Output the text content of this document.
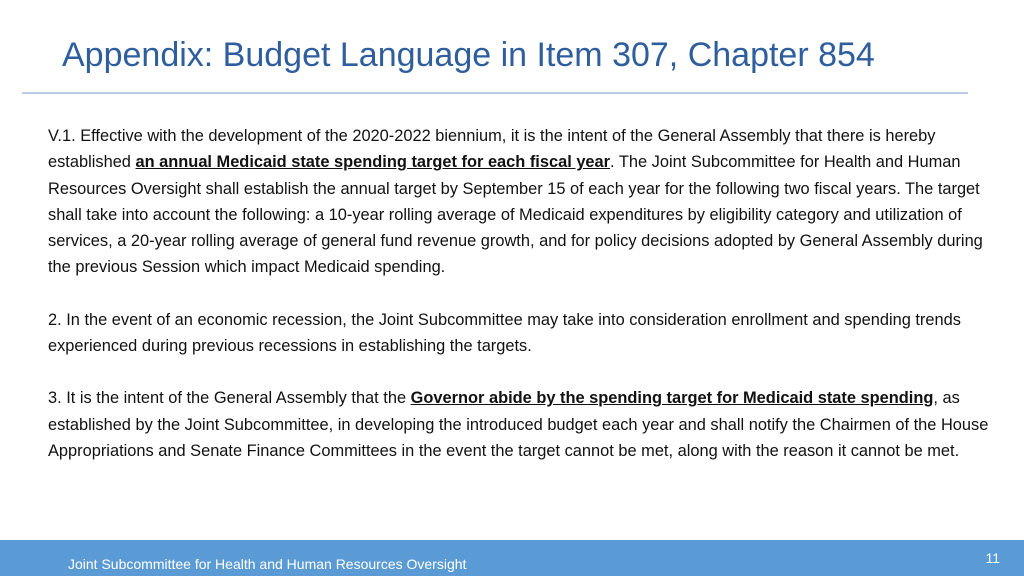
Appendix: Budget Language in Item 307, Chapter 854

V.1. Effective with the development of the 2020-2022 biennium, it is the intent of the General Assembly that there is hereby established an annual Medicaid state spending target for each fiscal year. The Joint Subcommittee for Health and Human Resources Oversight shall establish the annual target by September 15 of each year for the following two fiscal years. The target shall take into account the following: a 10-year rolling average of Medicaid expenditures by eligibility category and utilization of services, a 20-year rolling average of general fund revenue growth, and for policy decisions adopted by General Assembly during the previous Session which impact Medicaid spending.

2. In the event of an economic recession, the Joint Subcommittee may take into consideration enrollment and spending trends experienced during previous recessions in establishing the targets.

3. It is the intent of the General Assembly that the Governor abide by the spending target for Medicaid state spending, as established by the Joint Subcommittee, in developing the introduced budget each year and shall notify the Chairmen of the House Appropriations and Senate Finance Committees in the event the target cannot be met, along with the reason it cannot be met.

Joint Subcommittee for Health and Human Resources Oversight	11
